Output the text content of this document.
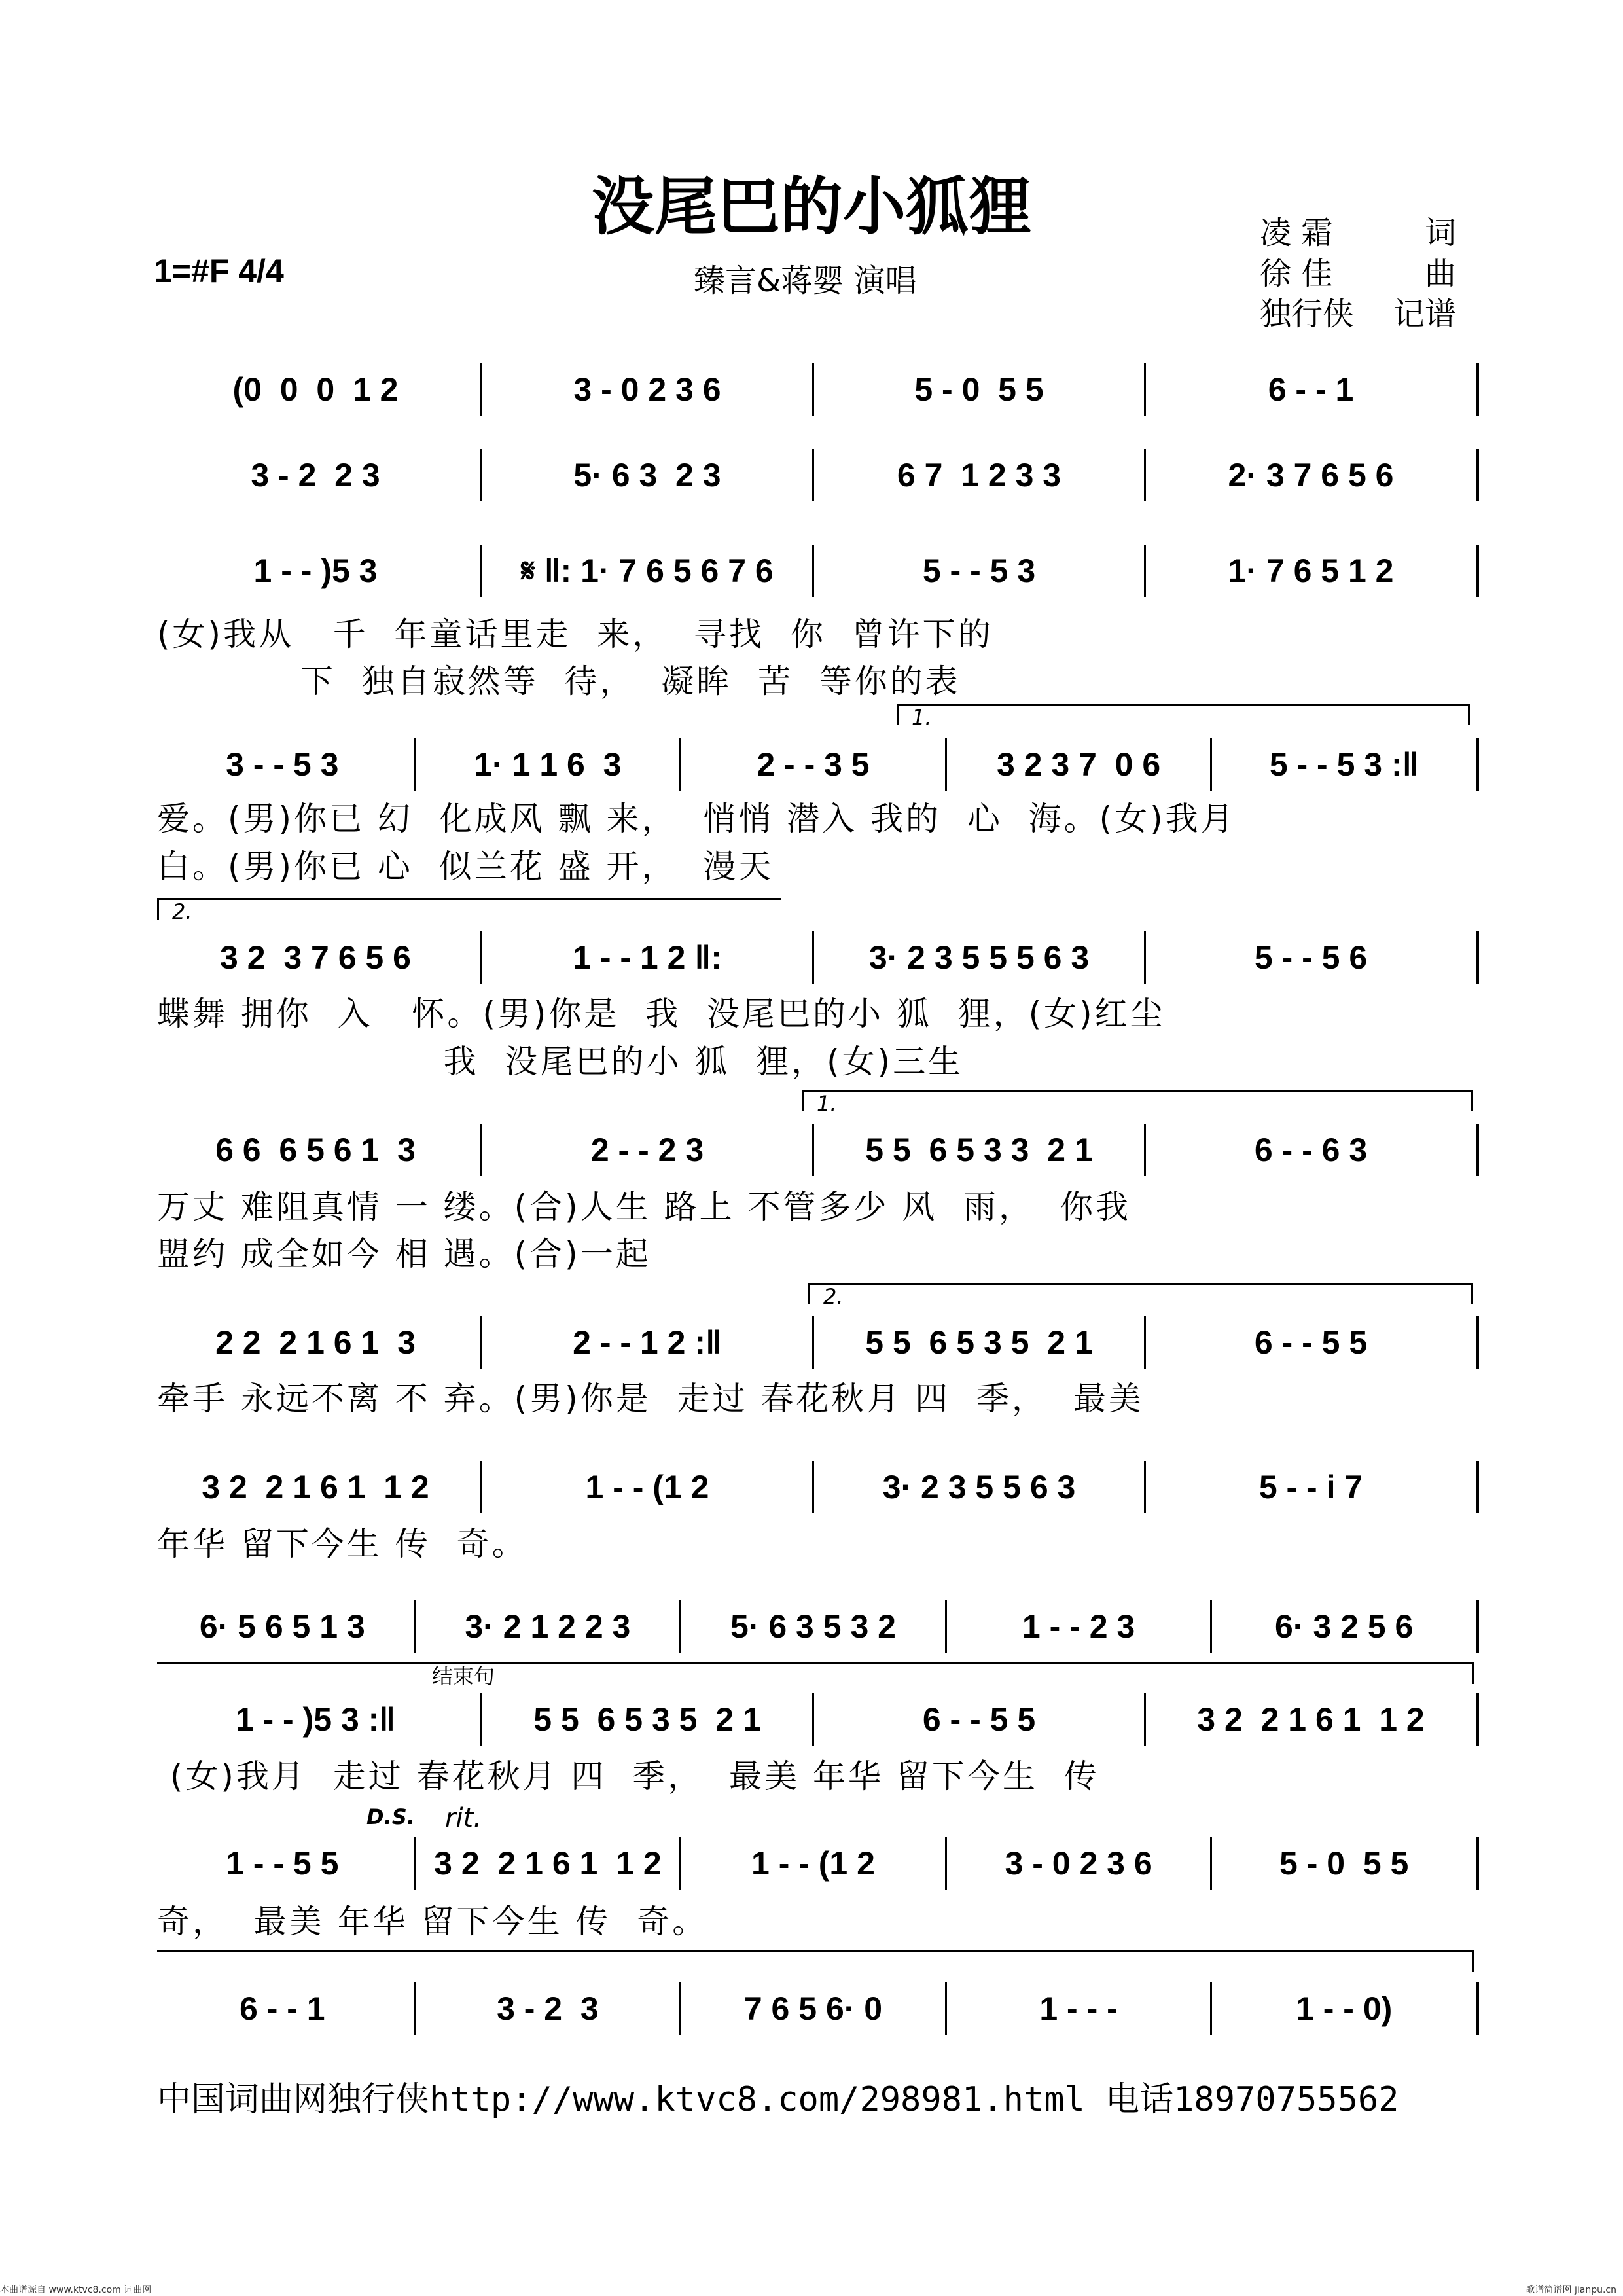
没尾巴的小狐狸
1=#F 4/4	臻言&蒋婴 演唱
凌 霜	词
徐 佳	曲
独行侠 记谱
(0  0  0  1 2	3 - 0 2 3 6	5 - 0  5 5	6 - - 1
3 - 2  2 3	5· 6 3  2 3	6 7  1 2 3 3	2· 3 7 6 5 6
1 - - )5 3	𝄋 ‖: 1· 7 6 5 6 7 6	5 - - 5 3	1· 7 6 5 1 2
(女)我从   千  年童话里走  来，  寻找  你  曾许下的
下  独自寂然等  待，  凝眸  苦  等你的表
3 - - 5 3	1· 1 1 6  3	2 - - 3 5	3 2 3 7  0 6	5 - - 5 3 :‖
爱。(男)你已 幻  化成风 飘 来，  悄悄 潜入 我的  心  海。(女)我月
白。(男)你已 心  似兰花 盛 开，  漫天
3 2  3 7 6 5 6	1 - - 1 2 ‖:	3· 2 3 5 5 5 6 3	5 - - 5 6
蝶舞 拥你  入   怀。(男)你是  我  没尾巴的小 狐  狸，(女)红尘
我  没尾巴的小 狐  狸，(女)三生
6 6  6 5 6 1  3	2 - - 2 3	5 5  6 5 3 3  2 1	6 - - 6 3
万丈 难阻真情 一 缕。(合)人生 路上 不管多少 风  雨，  你我
盟约 成全如今 相 遇。(合)一起
2 2  2 1 6 1  3	2 - - 1 2 :‖	5 5  6 5 3 5  2 1	6 - - 5 5
牵手 永远不离 不 弃。(男)你是  走过 春花秋月 四  季，  最美
3 2  2 1 6 1  1 2	1 - - (1 2	3· 2 3 5 5 6 3	5 - - i 7
年华 留下今生 传  奇。
6· 5 6 5 1 3	3· 2 1 2 2 3	5· 6 3 5 3 2	1 - - 2 3	6· 3 2 5 6
1 - - )5 3 :‖	5 5  6 5 3 5  2 1	6 - - 5 5	3 2  2 1 6 1  1 2
(女)我月  走过 春花秋月 四  季，  最美 年华 留下今生  传
1 - - 5 5	3 2  2 1 6 1  1 2	1 - - (1 2	3 - 0 2 3 6	5 - 0  5 5
奇，  最美 年华 留下今生 传  奇。
6 - - 1	3 - 2  3	7 6 5 6· 0	1 - - -	1 - - 0)
1.
2.
1.
2.
结束句
D.S. rit.
中国词曲网独行侠http://www.ktvc8.com/298981.html 电话18970755562
本曲谱源自 www.ktvc8.com 词曲网	歌谱简谱网 jianpu.cn
